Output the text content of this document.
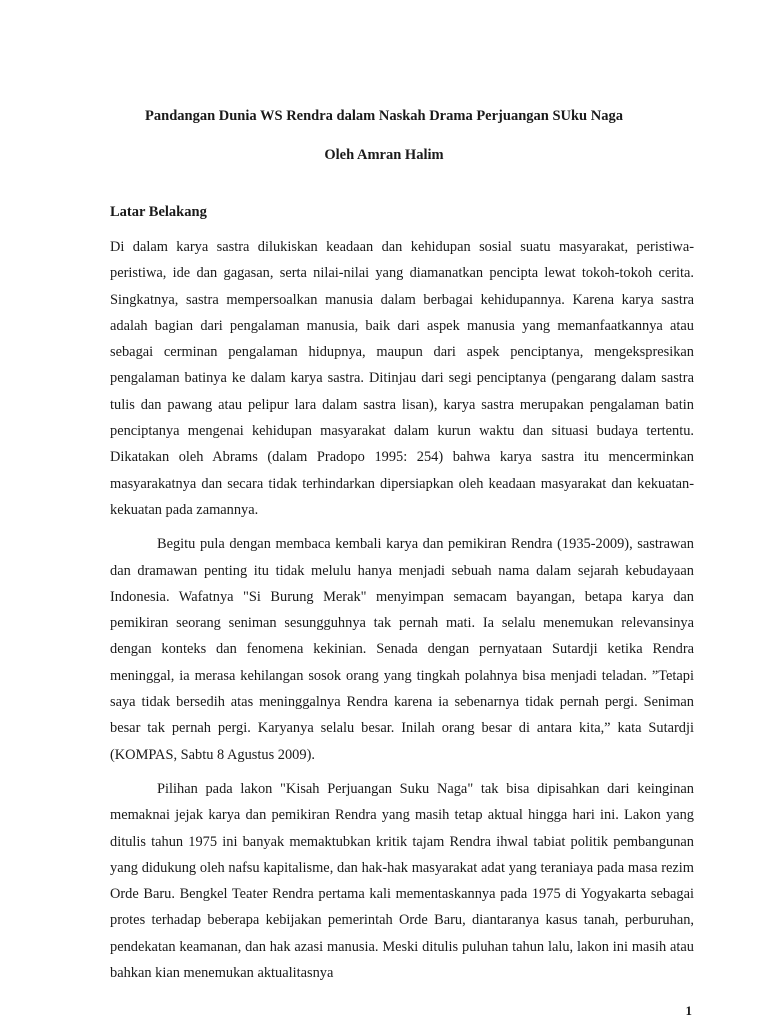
Pandangan Dunia WS Rendra dalam Naskah Drama Perjuangan SUku Naga
Oleh Amran Halim
Latar Belakang

Di dalam karya sastra dilukiskan keadaan dan kehidupan sosial suatu masyarakat, peristiwa-peristiwa, ide dan gagasan, serta nilai-nilai yang diamanatkan pencipta lewat tokoh-tokoh cerita. Singkatnya, sastra mempersoalkan manusia dalam berbagai kehidupannya. Karena karya sastra adalah bagian dari pengalaman manusia, baik dari aspek manusia yang memanfaatkannya atau sebagai cerminan pengalaman hidupnya, maupun dari aspek penciptanya, mengekspresikan pengalaman batinya ke dalam karya sastra. Ditinjau dari segi penciptanya (pengarang dalam sastra tulis dan pawang atau pelipur lara dalam sastra lisan), karya sastra merupakan pengalaman batin penciptanya mengenai kehidupan masyarakat dalam kurun waktu dan situasi budaya tertentu. Dikatakan oleh Abrams (dalam Pradopo 1995: 254) bahwa karya sastra itu mencerminkan masyarakatnya dan secara tidak terhindarkan dipersiapkan oleh keadaan masyarakat dan kekuatan-kekuatan pada zamannya.

Begitu pula dengan membaca kembali karya dan pemikiran Rendra (1935-2009), sastrawan dan dramawan penting itu tidak melulu hanya menjadi sebuah nama dalam sejarah kebudayaan Indonesia. Wafatnya "Si Burung Merak" menyimpan semacam bayangan, betapa karya dan pemikiran seorang seniman sesungguhnya tak pernah mati. Ia selalu menemukan relevansinya dengan konteks dan fenomena kekinian. Senada dengan pernyataan Sutardji ketika Rendra meninggal, ia merasa kehilangan sosok orang yang tingkah polahnya bisa menjadi teladan. ”Tetapi saya tidak bersedih atas meninggalnya Rendra karena ia sebenarnya tidak pernah pergi. Seniman besar tak pernah pergi. Karyanya selalu besar. Inilah orang besar di antara kita,” kata Sutardji (KOMPAS, Sabtu 8 Agustus 2009).

Pilihan pada lakon "Kisah Perjuangan Suku Naga" tak bisa dipisahkan dari keinginan memaknai jejak karya dan pemikiran Rendra yang masih tetap aktual hingga hari ini. Lakon yang ditulis tahun 1975 ini banyak memaktubkan kritik tajam Rendra ihwal tabiat politik pembangunan yang didukung oleh nafsu kapitalisme, dan hak-hak masyarakat adat yang teraniaya pada masa rezim Orde Baru. Bengkel Teater Rendra pertama kali mementaskannya pada 1975 di Yogyakarta sebagai protes terhadap beberapa kebijakan pemerintah Orde Baru, diantaranya kasus tanah, perburuhan, pendekatan keamanan, dan hak azasi manusia. Meski ditulis puluhan tahun lalu, lakon ini masih atau bahkan kian menemukan aktualitasnya

1
